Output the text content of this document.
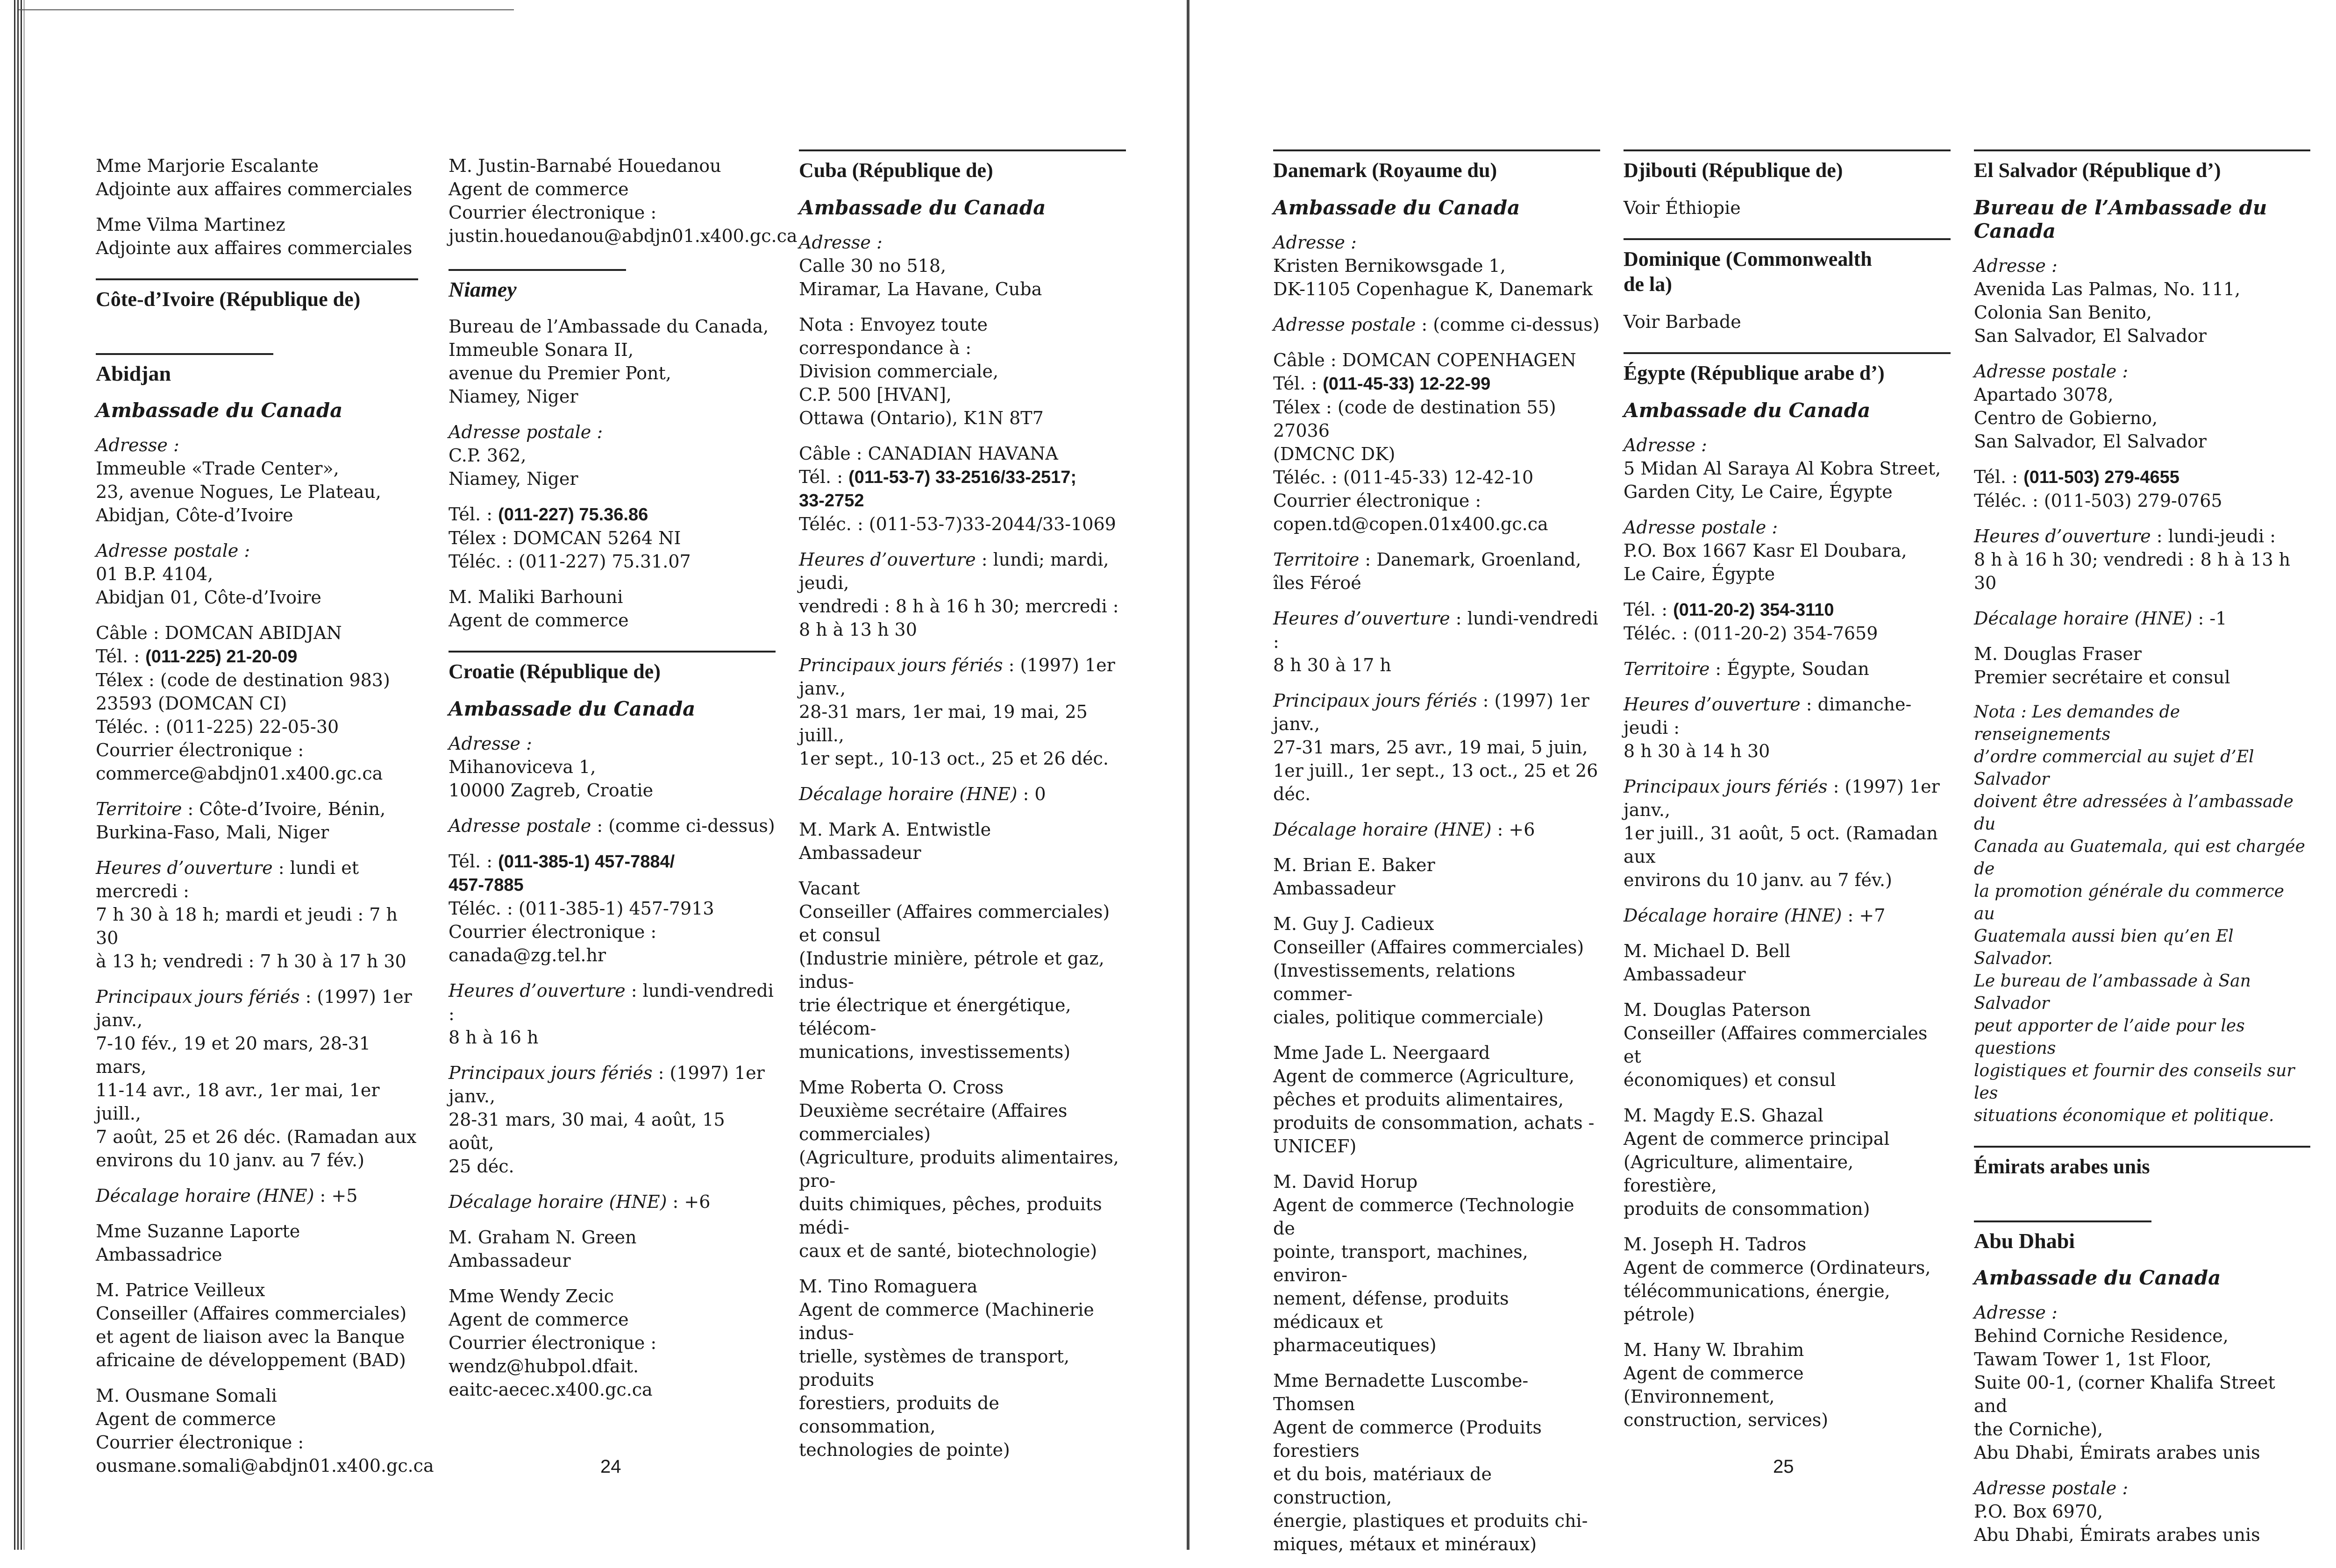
Mme Marjorie Escalante

Adjointe aux affaires commerciales

Mme Vilma Martinez

Adjointe aux affaires commerciales

Côte-d’Ivoire (République de)
Abidjan
Ambassade du Canada

Adresse :

Immeuble «Trade Center»,

23, avenue Nogues, Le Plateau,

Abidjan, Côte-d’Ivoire

Adresse postale :

01 B.P. 4104,

Abidjan 01, Côte-d’Ivoire

Câble : DOMCAN ABIDJAN

Tél. : (011-225) 21-20-09

Télex : (code de destination 983)

23593 (DOMCAN CI)

Téléc. : (011-225) 22-05-30

Courrier électronique :

commerce@abdjn01.x400.gc.ca

Territoire : Côte-d’Ivoire, Bénin,

Burkina-Faso, Mali, Niger

Heures d’ouverture : lundi et mercredi :

7 h 30 à 18 h; mardi et jeudi : 7 h 30

à 13 h; vendredi : 7 h 30 à 17 h 30

Principaux jours fériés : (1997) 1er janv.,

7-10 fév., 19 et 20 mars, 28-31 mars,

11-14 avr., 18 avr., 1er mai, 1er juill.,

7 août, 25 et 26 déc. (Ramadan aux

environs du 10 janv. au 7 fév.)

Décalage horaire (HNE) : +5

Mme Suzanne Laporte

Ambassadrice

M. Patrice Veilleux

Conseiller (Affaires commerciales)

et agent de liaison avec la Banque

africaine de développement (BAD)

M. Ousmane Somali

Agent de commerce

Courrier électronique :

ousmane.somali@abdjn01.x400.gc.ca

M. Justin-Barnabé Houedanou

Agent de commerce

Courrier électronique :

justin.houedanou@abdjn01.x400.gc.ca

Niamey

Bureau de l’Ambassade du Canada,

Immeuble Sonara II,

avenue du Premier Pont,

Niamey, Niger

Adresse postale :

C.P. 362,

Niamey, Niger

Tél. : (011-227) 75.36.86

Télex : DOMCAN 5264 NI

Téléc. : (011-227) 75.31.07

M. Maliki Barhouni

Agent de commerce

Croatie (République de)
Ambassade du Canada

Adresse :

Mihanoviceva 1,

10000 Zagreb, Croatie

Adresse postale : (comme ci-dessus)

Tél. : (011-385-1) 457-7884/

457-7885

Téléc. : (011-385-1) 457-7913

Courrier électronique :

canada@zg.tel.hr

Heures d’ouverture : lundi-vendredi :

8 h à 16 h

Principaux jours fériés : (1997) 1er janv.,

28-31 mars, 30 mai, 4 août, 15 août,

25 déc.

Décalage horaire (HNE) : +6

M. Graham N. Green

Ambassadeur

Mme Wendy Zecic

Agent de commerce

Courrier électronique :

wendz@hubpol.dfait.

eaitc-aecec.x400.gc.ca

Cuba (République de)
Ambassade du Canada

Adresse :

Calle 30 no 518,

Miramar, La Havane, Cuba

Nota : Envoyez toute correspondance à :

Division commerciale,

C.P. 500 [HVAN],

Ottawa (Ontario), K1N 8T7

Câble : CANADIAN HAVANA

Tél. : (011-53-7) 33-2516/33-2517;

33-2752

Téléc. : (011-53-7)33-2044/33-1069

Heures d’ouverture : lundi; mardi, jeudi,

vendredi : 8 h à 16 h 30; mercredi :

8 h à 13 h 30

Principaux jours fériés : (1997) 1er janv.,

28-31 mars, 1er mai, 19 mai, 25 juill.,

1er sept., 10-13 oct., 25 et 26 déc.

Décalage horaire (HNE) : 0

M. Mark A. Entwistle

Ambassadeur

Vacant

Conseiller (Affaires commerciales)

et consul

(Industrie minière, pétrole et gaz, indus-

trie électrique et énergétique, télécom-

munications, investissements)

Mme Roberta O. Cross

Deuxième secrétaire (Affaires

commerciales)

(Agriculture, produits alimentaires, pro-

duits chimiques, pêches, produits médi-

caux et de santé, biotechnologie)

M. Tino Romaguera

Agent de commerce (Machinerie indus-

trielle, systèmes de transport, produits

forestiers, produits de consommation,

technologies de pointe)

24
Danemark (Royaume du)
Ambassade du Canada

Adresse :

Kristen Bernikowsgade 1,

DK-1105 Copenhague K, Danemark

Adresse postale : (comme ci-dessus)

Câble : DOMCAN COPENHAGEN

Tél. : (011-45-33) 12-22-99

Télex : (code de destination 55) 27036

(DMCNC DK)

Téléc. : (011-45-33) 12-42-10

Courrier électronique :

copen.td@copen.01x400.gc.ca

Territoire : Danemark, Groenland,

îles Féroé

Heures d’ouverture : lundi-vendredi :

8 h 30 à 17 h

Principaux jours fériés : (1997) 1er janv.,

27-31 mars, 25 avr., 19 mai, 5 juin,

1er juill., 1er sept., 13 oct., 25 et 26 déc.

Décalage horaire (HNE) : +6

M. Brian E. Baker

Ambassadeur

M. Guy J. Cadieux

Conseiller (Affaires commerciales)

(Investissements, relations commer-

ciales, politique commerciale)

Mme Jade L. Neergaard

Agent de commerce (Agriculture,

pêches et produits alimentaires,

produits de consommation, achats -

UNICEF)

M. David Horup

Agent de commerce (Technologie de

pointe, transport, machines, environ-

nement, défense, produits médicaux et

pharmaceutiques)

Mme Bernadette Luscombe-Thomsen

Agent de commerce (Produits forestiers

et du bois, matériaux de construction,

énergie, plastiques et produits chi-

miques, métaux et minéraux)

Djibouti (République de)

Voir Éthiopie

Dominique (Commonwealth
de la)

Voir Barbade

Égypte (République arabe d’)
Ambassade du Canada

Adresse :

5 Midan Al Saraya Al Kobra Street,

Garden City, Le Caire, Égypte

Adresse postale :

P.O. Box 1667 Kasr El Doubara,

Le Caire, Égypte

Tél. : (011-20-2) 354-3110

Téléc. : (011-20-2) 354-7659

Territoire : Égypte, Soudan

Heures d’ouverture : dimanche-jeudi :

8 h 30 à 14 h 30

Principaux jours fériés : (1997) 1er janv.,

1er juill., 31 août, 5 oct. (Ramadan aux

environs du 10 janv. au 7 fév.)

Décalage horaire (HNE) : +7

M. Michael D. Bell

Ambassadeur

M. Douglas Paterson

Conseiller (Affaires commerciales et

économiques) et consul

M. Magdy E.S. Ghazal

Agent de commerce principal

(Agriculture, alimentaire, forestière,

produits de consommation)

M. Joseph H. Tadros

Agent de commerce (Ordinateurs,

télécommunications, énergie, pétrole)

M. Hany W. Ibrahim

Agent de commerce (Environnement,

construction, services)

El Salvador (République d’)
Bureau de l’Ambassade du Canada

Adresse :

Avenida Las Palmas, No. 111,

Colonia San Benito,

San Salvador, El Salvador

Adresse postale :

Apartado 3078,

Centro de Gobierno,

San Salvador, El Salvador

Tél. : (011-503) 279-4655

Téléc. : (011-503) 279-0765

Heures d’ouverture : lundi-jeudi :

8 h à 16 h 30; vendredi : 8 h à 13 h 30

Décalage horaire (HNE) : -1

M. Douglas Fraser

Premier secrétaire et consul

Nota : Les demandes de renseignements

d’ordre commercial au sujet d’El Salvador

doivent être adressées à l’ambassade du

Canada au Guatemala, qui est chargée de

la promotion générale du commerce au

Guatemala aussi bien qu’en El Salvador.

Le bureau de l’ambassade à San Salvador

peut apporter de l’aide pour les questions

logistiques et fournir des conseils sur les

situations économique et politique.

Émirats arabes unis
Abu Dhabi
Ambassade du Canada

Adresse :

Behind Corniche Residence,

Tawam Tower 1, 1st Floor,

Suite 00-1, (corner Khalifa Street and

the Corniche),

Abu Dhabi, Émirats arabes unis

Adresse postale :

P.O. Box 6970,

Abu Dhabi, Émirats arabes unis

25
